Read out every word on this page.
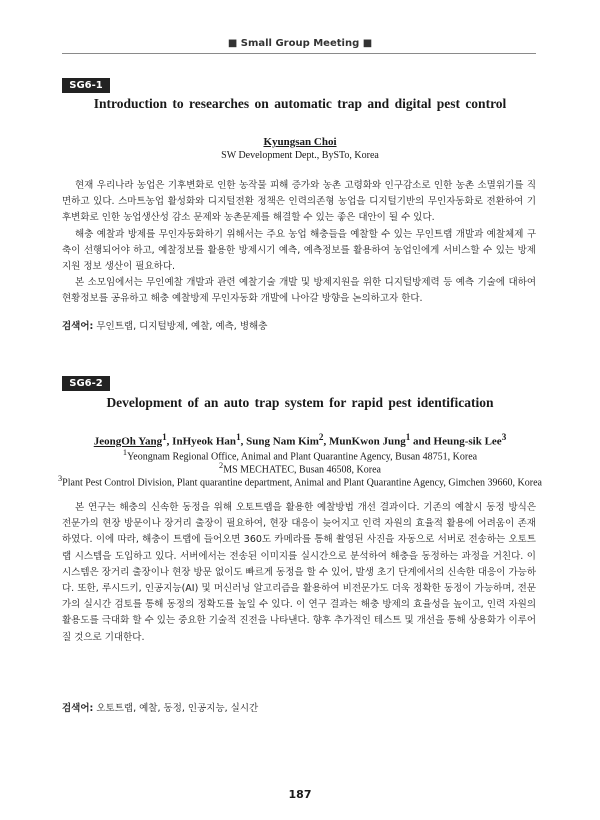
■ Small Group Meeting ■
SG6-1
Introduction to researches on automatic trap and digital pest control
Kyungsan Choi
SW Development Dept., BySTo, Korea

현재 우리나라 농업은 기후변화로 인한 농작물 피해 증가와 농촌 고령화와 인구감소로 인한 농촌 소멸위기를 직면하고 있다. 스마트농업 활성화와 디지털전환 정책은 인력의존형 농업을 디지털기반의 무인자동화로 전환하여 기후변화로 인한 농업생산성 감소 문제와 농촌문제를 해결할 수 있는 좋은 대안이 될 수 있다.

해충 예찰과 방제를 무인자동화하기 위해서는 주요 농업 해충들을 예찰할 수 있는 무인트랩 개발과 예찰체제 구축이 선행되어야 하고, 예찰정보를 활용한 방제시기 예측, 예측정보를 활용하여 농업인에게 서비스할 수 있는 방제 지원 정보 생산이 필요하다.

본 소모임에서는 무인예찰 개발과 관련 예찰기술 개발 및 방제지원을 위한 디지털방제력 등 예측 기술에 대하여 현황정보를 공유하고 해충 예찰방제 무인자동화 개발에 나아갈 방향을 논의하고자 한다.

검색어: 무인트랩, 디지털방제, 예찰, 예측, 병해충
SG6-2
Development of an auto trap system for rapid pest identification
JeongOh Yang$^1$, InHyeok Han$^1$, Sung Nam Kim$^2$, MunKwon Jung$^1$ and Heung-sik Lee$^3$
$^1$Yeongnam Regional Office, Animal and Plant Quarantine Agency, Busan 48751, Korea
$^2$MS MECHATEC, Busan 46508, Korea
$^3$Plant Pest Control Division, Plant quarantine department, Animal and Plant Quarantine Agency, Gimchen 39660, Korea

본 연구는 해충의 신속한 동정을 위해 오토트랩을 활용한 예찰방법 개선 결과이다. 기존의 예찰시 동정 방식은 전문가의 현장 방문이나 장거리 출장이 필요하여, 현장 대응이 늦어지고 인력 자원의 효율적 활용에 어려움이 존재하였다. 이에 따라, 해충이 트랩에 들어오면 360도 카메라를 통해 촬영된 사진을 자동으로 서버로 전송하는 오토트랩 시스템을 도입하고 있다. 서버에서는 전송된 이미지를 실시간으로 분석하여 해충을 동정하는 과정을 거친다. 이 시스템은 장거리 출장이나 현장 방문 없이도 빠르게 동정을 할 수 있어, 발생 초기 단계에서의 신속한 대응이 가능하다. 또한, 루시드키, 인공지능(AI) 및 머신러닝 알고리즘을 활용하여 비전문가도 더욱 정확한 동정이 가능하며, 전문가의 실시간 검토를 통해 동정의 정확도를 높일 수 있다. 이 연구 결과는 해충 방제의 효율성을 높이고, 인력 자원의 활용도를 극대화 할 수 있는 중요한 기술적 진전을 나타낸다. 향후 추가적인 테스트 및 개선을 통해 상용화가 이루어질 것으로 기대한다.

검색어: 오토트랩, 예찰, 동정, 인공지능, 실시간
187
